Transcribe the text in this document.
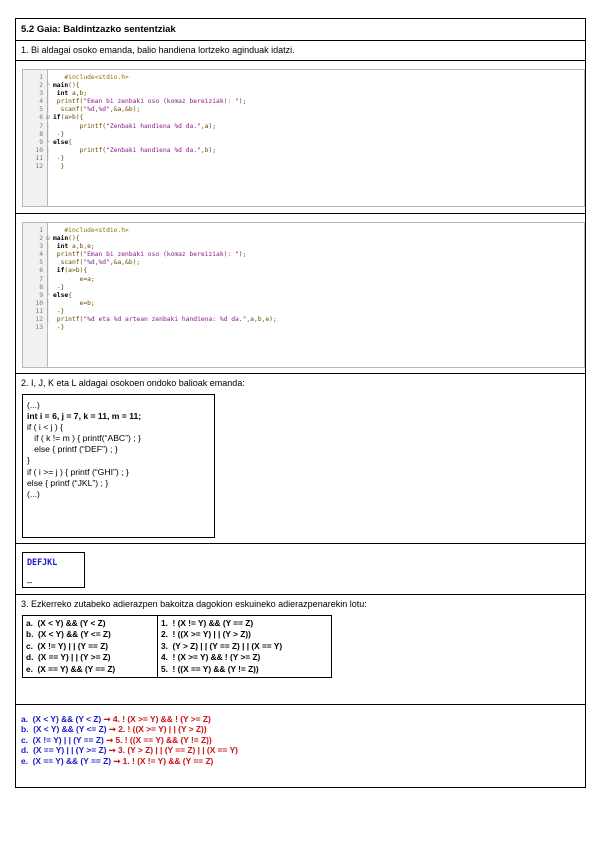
5.2 Gaia: Baldintzazko sententziak
1. Bi aldagai osoko emanda, balio handiena lortzeko aginduak idatzi.
1	#include<stdio.h>
2 └ main(){
3 │ int a,b;
4 │ printf("Eman bi zenbaki oso (komaz bereiziak): ");
5 │  scanf("%d,%d",&a,&b);
6 ⊟ if(a>b){
7 │       printf("Zenbaki handiena %d da.",a);
8 │ -}
9 └ else{
10 │       printf("Zenbaki handiena %d da.",b);
11 │ -}
12   }
1	#include<stdio.h>
2 ⊟ main(){
3 │ int a,b,e;
4 │ printf("Eman bi zenbaki oso (komaz bereiziak): ");
5 │  scanf("%d,%d",&a,&b);
6 │ if(a>b){
7 │       e=a;
8 │ -}
9 └ else{
10 │       e=b;
11 │ -}
12 │ printf("%d eta %d artean zenbaki handiena: %d da.",a,b,e);
13  -}
2. I, J, K eta L aldagai osokoen ondoko balioak emanda:
(...)
int i = 6, j = 7, k = 11, m = 11;
if ( i < j ) {
if ( k != m ) { printf(“ABC”) ; }
else { printf (“DEF”) ; }
}
if ( i >= j ) { printf (“GHI”) ; }
else { printf (“JKL”) ; }
(...)
DEFJKL
_
3. Ezkerreko zutabeko adierazpen bakoitza dagokion eskuineko adierazpenarekin lotu:
a.  (X < Y) && (Y < Z)
b.  (X < Y) && (Y <= Z)
c.  (X != Y) | | (Y == Z)
d.  (X == Y) | | (Y >= Z)
e.  (X == Y) && (Y == Z)

1.  ! (X != Y) && (Y == Z)
2.  ! ((X >= Y) | | (Y > Z))
3.  (Y > Z) | | (Y == Z) | | (X == Y)
4.  ! (X >= Y) && ! (Y >= Z)
5.  ! ((X == Y) && (Y != Z))
a.  (X < Y) && (Y < Z) ➞ 4. ! (X >= Y) && ! (Y >= Z)
b.  (X < Y) && (Y <= Z) ➞ 2. ! ((X >= Y) | | (Y > Z))
c.  (X != Y) | | (Y == Z) ➞ 5. ! ((X == Y) && (Y != Z))
d.  (X == Y) | | (Y >= Z) ➞ 3. (Y > Z) | | (Y == Z) | | (X == Y)
e.  (X == Y) && (Y == Z) ➞ 1. ! (X != Y) && (Y == Z)
